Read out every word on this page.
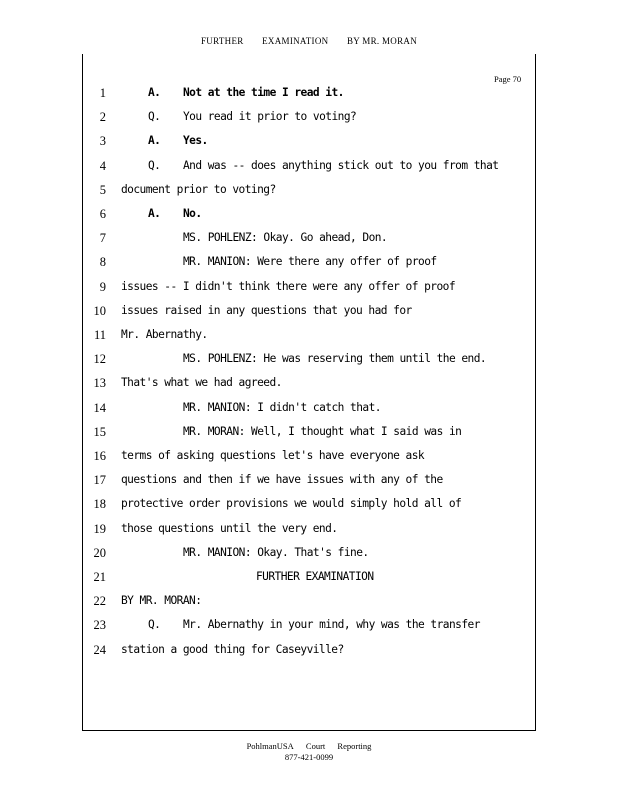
FURTHER EXAMINATION BY MR. MORAN
Page 70
1	A. Not at the time I read it.
2	Q. You read it prior to voting?
3	A. Yes.
4	Q. And was -- does anything stick out to you from that
5 document prior to voting?
6	A. No.
7	MS. POHLENZ: Okay. Go ahead, Don.
8	MR. MANION: Were there any offer of proof
9 issues -- I didn't think there were any offer of proof
10 issues raised in any questions that you had for
11 Mr. Abernathy.
12	MS. POHLENZ: He was reserving them until the end.
13 That's what we had agreed.
14	MR. MANION: I didn't catch that.
15	MR. MORAN: Well, I thought what I said was in
16 terms of asking questions let's have everyone ask
17 questions and then if we have issues with any of the
18 protective order provisions we would simply hold all of
19 those questions until the very end.
20	MR. MANION: Okay. That's fine.
21	FURTHER EXAMINATION
22 BY MR. MORAN:
23	Q. Mr. Abernathy in your mind, why was the transfer
24 station a good thing for Caseyville?
PohlmanUSA Court Reporting
877-421-0099
